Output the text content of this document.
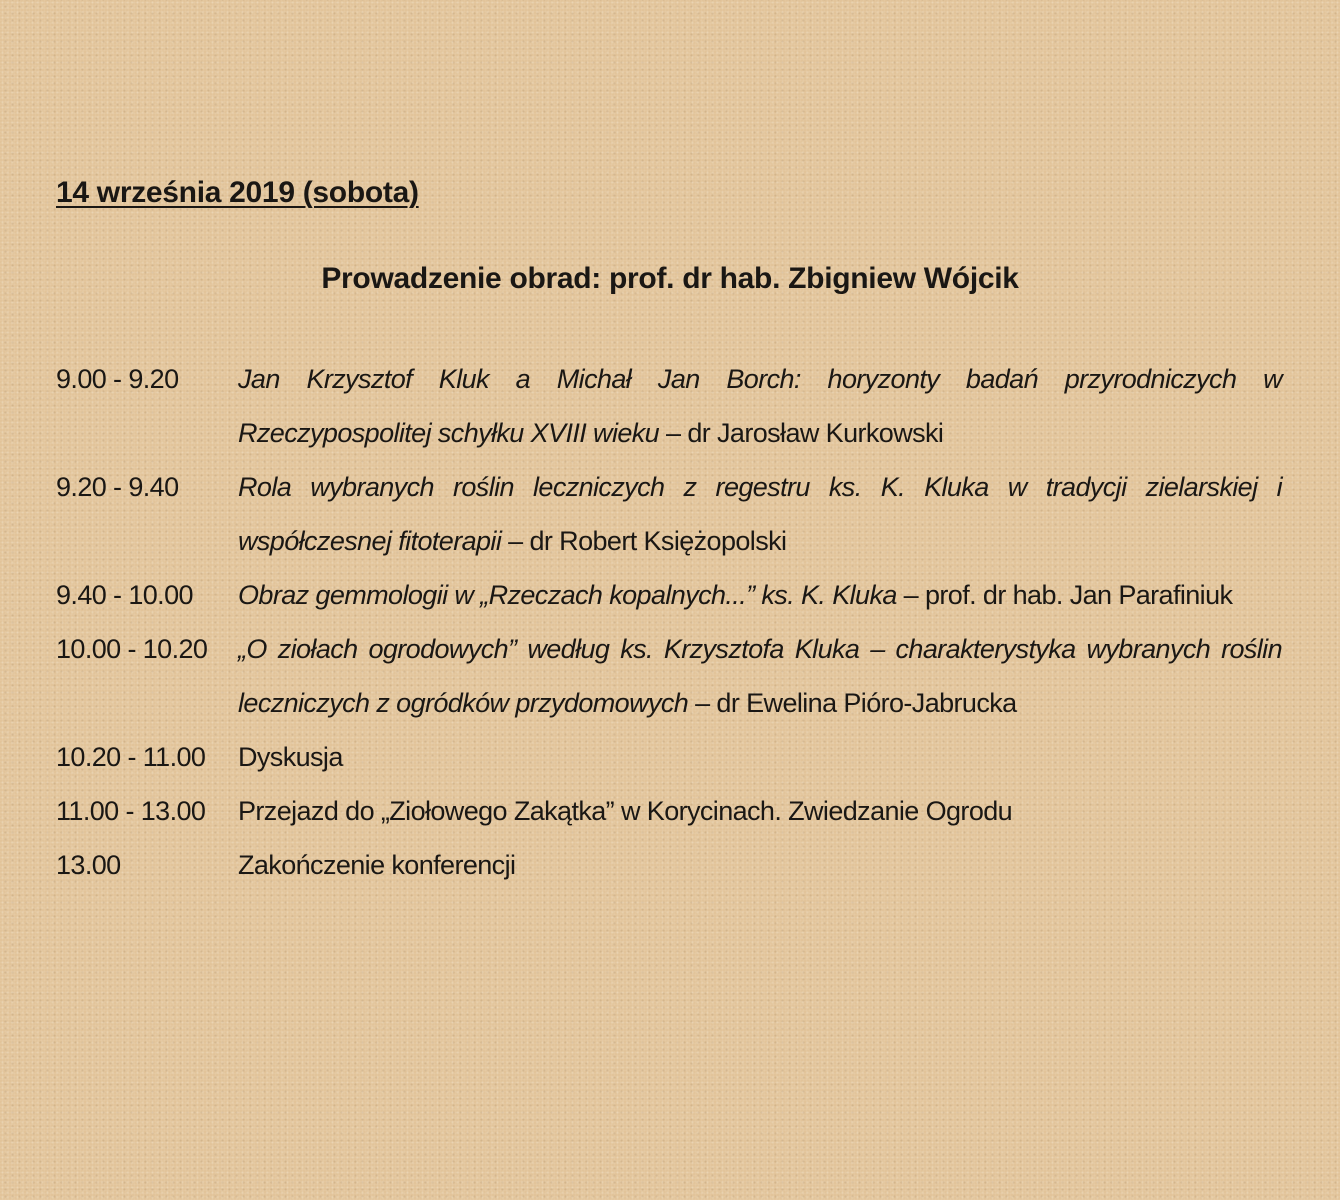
14 września 2019 (sobota)
Prowadzenie obrad: prof. dr hab. Zbigniew Wójcik
9.00 - 9.20	Jan Krzysztof Kluk a Michał Jan Borch: horyzonty badań przyrodniczych w Rzeczypospolitej schyłku XVIII wieku – dr Jarosław Kurkowski
9.20 - 9.40	Rola wybranych roślin leczniczych z regestru ks. K. Kluka w tradycji zielarskiej i współczesnej fitoterapii – dr Robert Księżopolski
9.40 - 10.00	Obraz gemmologii w „Rzeczach kopalnych...” ks. K. Kluka – prof. dr hab. Jan Parafiniuk
10.00 - 10.20	„O ziołach ogrodowych” według ks. Krzysztofa Kluka – charakterystyka wybranych roślin leczniczych z ogródków przydomowych – dr Ewelina Pióro-Jabrucka
10.20 - 11.00	Dyskusja
11.00 - 13.00	Przejazd do „Ziołowego Zakątka” w Korycinach. Zwiedzanie Ogrodu
13.00	Zakończenie konferencji
